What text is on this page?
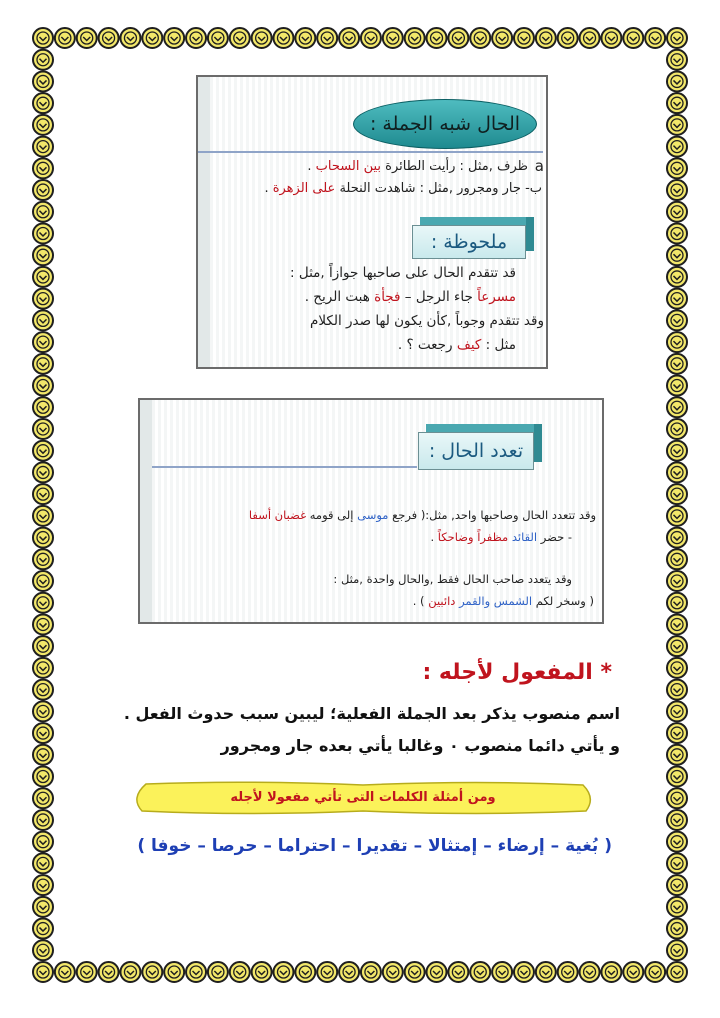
الحال شبه الجملة :
ظرف ,مثل : رأيت الطائرة بين السحاب .	a
ب- جار ومجرور ,مثل : شاهدت النحلة على الزهرة .
ملحوظة :
قد تتقدم الحال على صاحبها جوازاً ,مثل :
مسرعاً جاء الرجل – فجأة هبت الريح .
وقد تتقدم وجوباً ,كأن يكون لها صدر الكلام
مثل : كيف رجعت ؟ .
تعدد الحال :
وقد تتعدد الحال وصاحبها واحد, مثل:( فرجع موسى إلى قومه غضبان أسفا
- حضر القائد مظفراً وضاحكاً .
وقد يتعدد صاحب الحال فقط ,والحال واحدة ,مثل :
( وسخر لكم الشمس والقمر دائبين ) .
* المفعول لأجله :
اسم منصوب يذكر بعد الجملة الفعلية؛ ليبين سبب حدوث الفعل .
و يأتي دائما منصوب ٠ وغالبا يأتي بعده جار ومجرور
ومن أمثلة الكلمات التى تأتي مفعولا لأجله
( بُغية – إرضاء – إمتثالا – تقديرا – احتراما – حرصا – خوفا )
